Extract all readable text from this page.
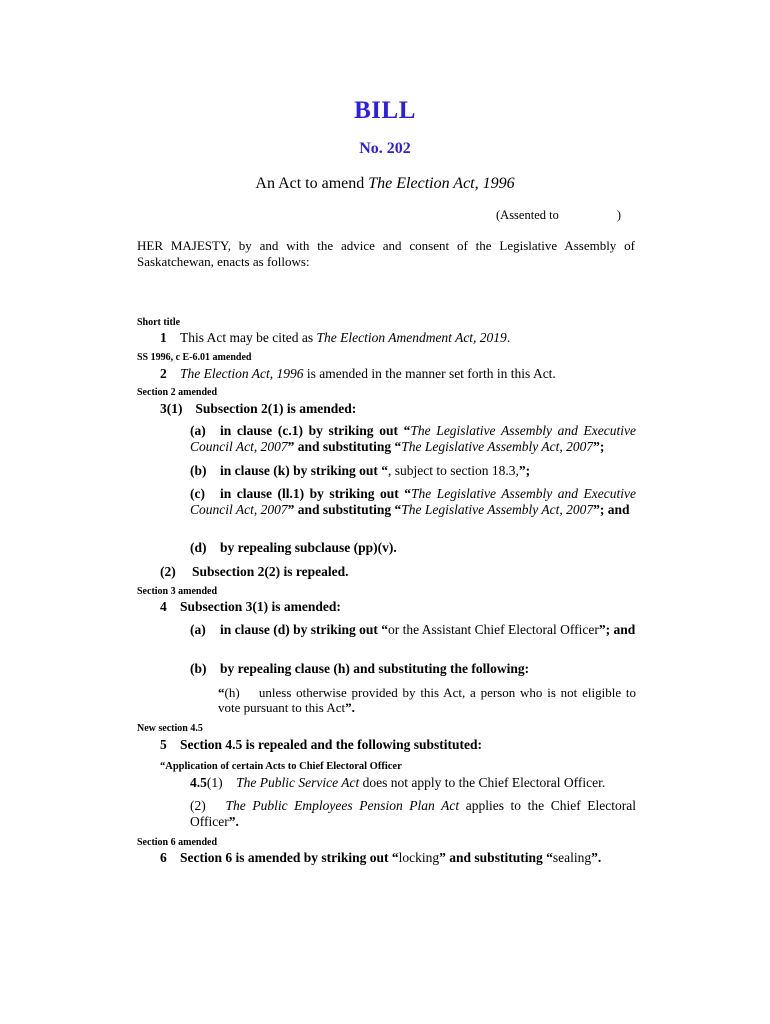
BILL
No. 202
An Act to amend The Election Act, 1996
(Assented to	)
HER MAJESTY, by and with the advice and consent of the Legislative Assembly of Saskatchewan, enacts as follows:
Short title
1 This Act may be cited as The Election Amendment Act, 2019.
SS 1996, c E-6.01 amended
2 The Election Act, 1996 is amended in the manner set forth in this Act.
Section 2 amended
3(1) Subsection 2(1) is amended:
(a) in clause (c.1) by striking out “The Legislative Assembly and Executive Council Act, 2007” and substituting “The Legislative Assembly Act, 2007”;
(b) in clause (k) by striking out “, subject to section 18.3,”;
(c) in clause (ll.1) by striking out “The Legislative Assembly and Executive Council Act, 2007” and substituting “The Legislative Assembly Act, 2007”; and
(d) by repealing subclause (pp)(v).
(2) Subsection 2(2) is repealed.
Section 3 amended
4 Subsection 3(1) is amended:
(a) in clause (d) by striking out “or the Assistant Chief Electoral Officer”; and
(b) by repealing clause (h) and substituting the following:
“(h) unless otherwise provided by this Act, a person who is not eligible to vote pursuant to this Act”.
New section 4.5
5 Section 4.5 is repealed and the following substituted:
“Application of certain Acts to Chief Electoral Officer
4.5(1) The Public Service Act does not apply to the Chief Electoral Officer.
(2) The Public Employees Pension Plan Act applies to the Chief Electoral Officer”.
Section 6 amended
6 Section 6 is amended by striking out “locking” and substituting “sealing”.
